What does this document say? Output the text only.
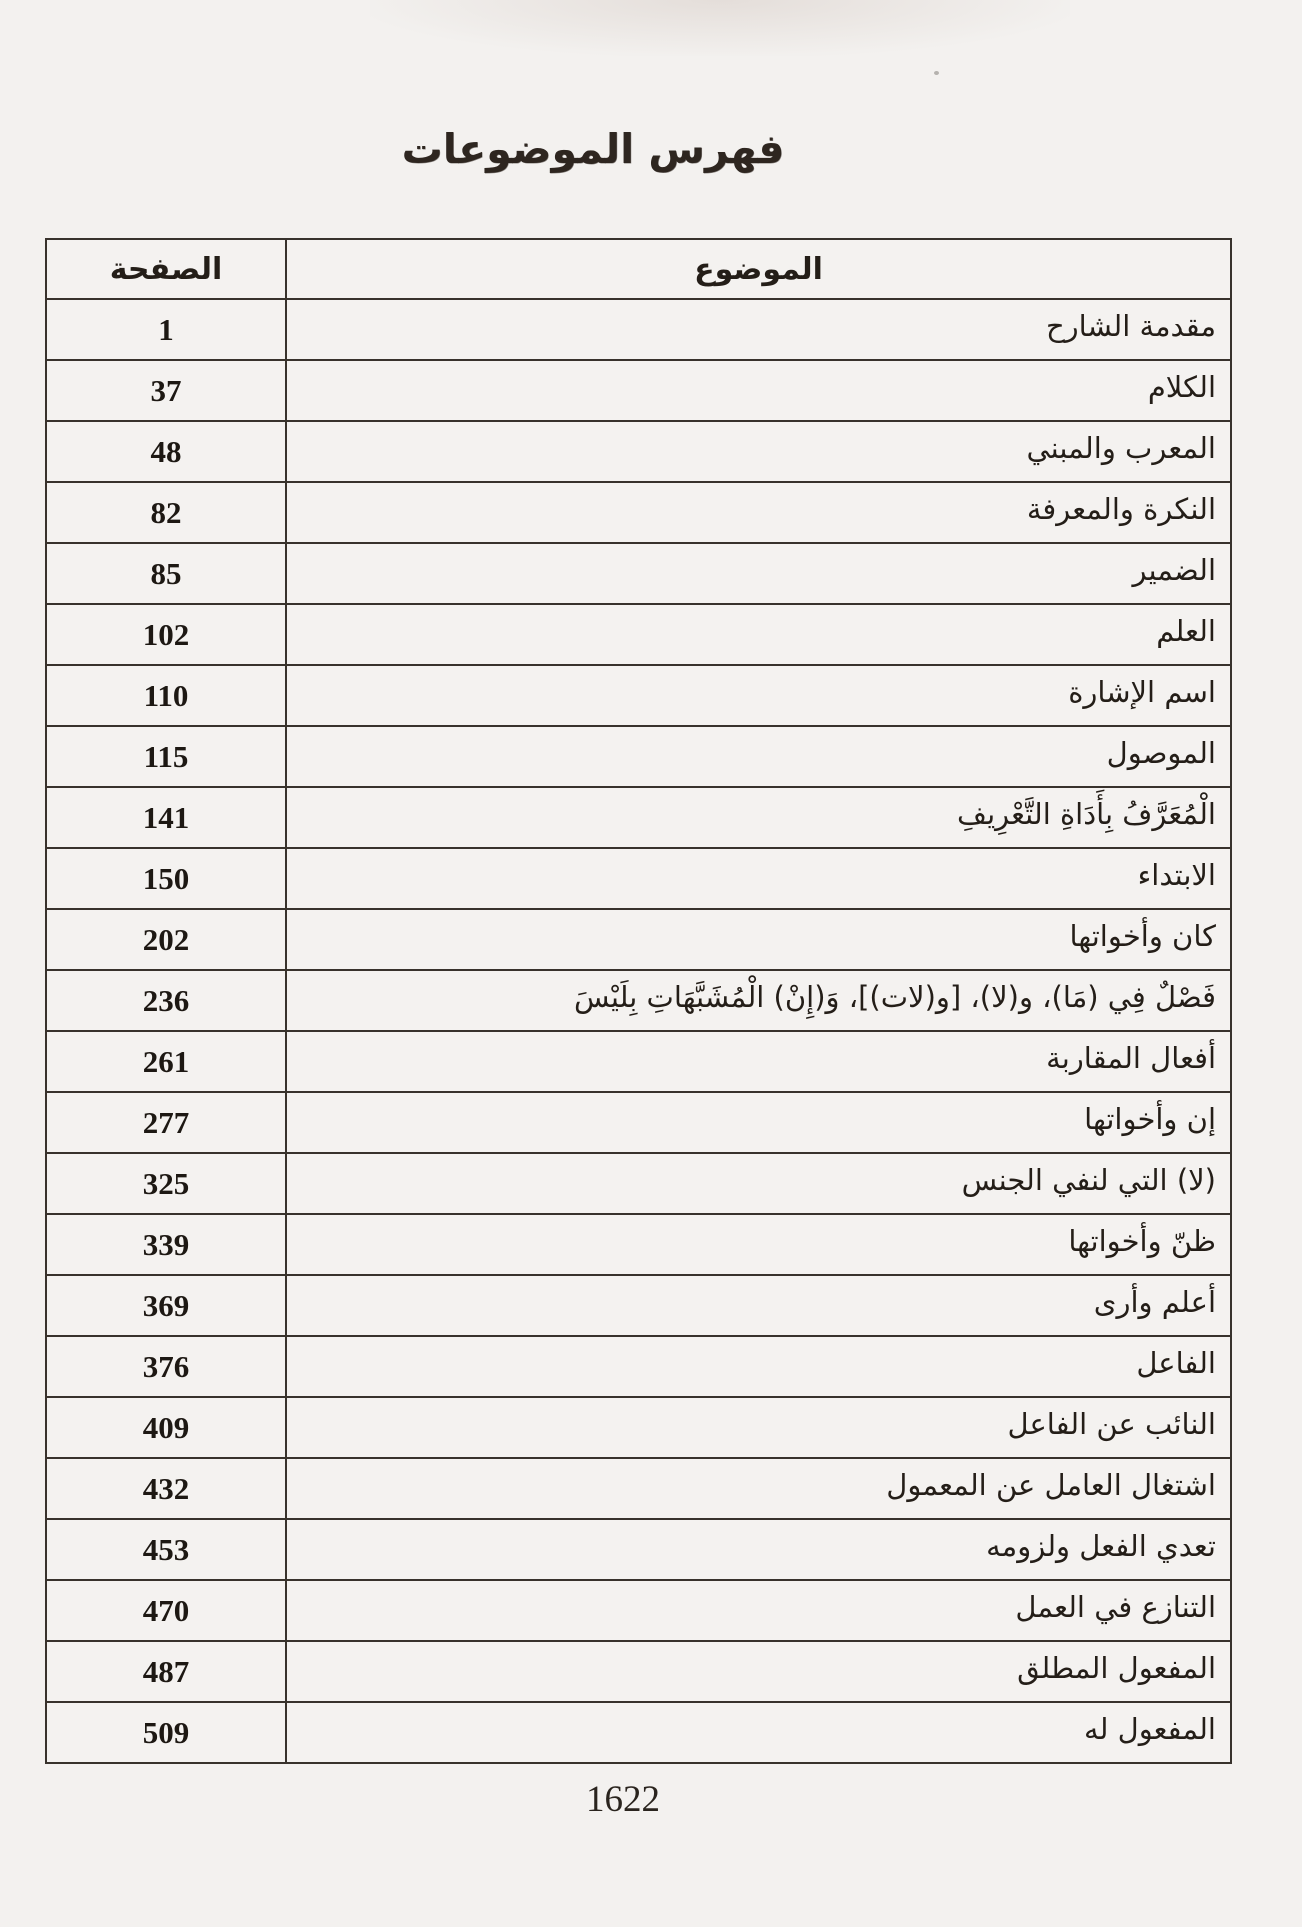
فهرس الموضوعات
الصفحة	الموضوع
1	مقدمة الشارح
37	الكلام
48	المعرب والمبني
82	النكرة والمعرفة
85	الضمير
102	العلم
110	اسم الإشارة
115	الموصول
141	الْمُعَرَّفُ بِأَدَاةِ التَّعْرِيفِ
150	الابتداء
202	كان وأخواتها
236	فَصْلٌ فِي (مَا)، و(لا)، [و(لات)]، وَ(إِنْ) الْمُشَبَّهَاتِ بِلَيْسَ
261	أفعال المقاربة
277	إن وأخواتها
325	(لا) التي لنفي الجنس
339	ظنّ وأخواتها
369	أعلم وأرى
376	الفاعل
409	النائب عن الفاعل
432	اشتغال العامل عن المعمول
453	تعدي الفعل ولزومه
470	التنازع في العمل
487	المفعول المطلق
509	المفعول له
1622
